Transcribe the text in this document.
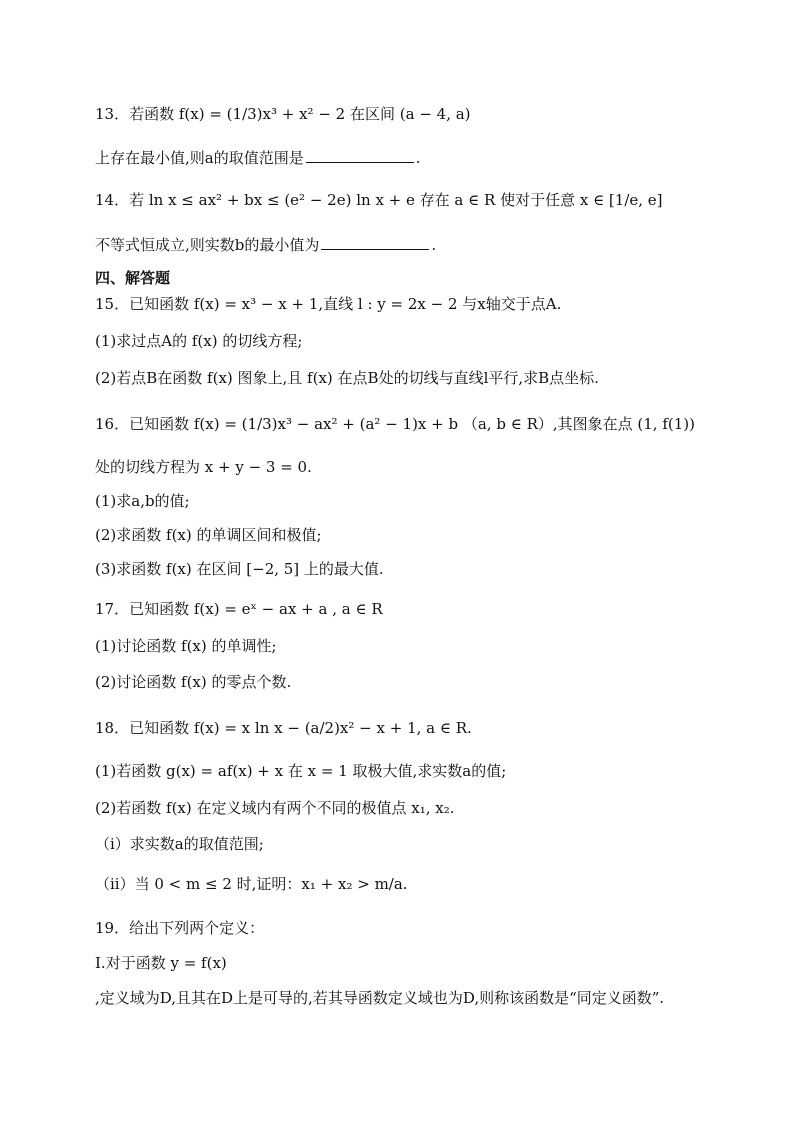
13．若函数 f(x) = (1/3)x³ + x² − 2 在区间 (a − 4, a)
上存在最小值,则a的取值范围是	.
14．若 ln x ≤ ax² + bx ≤ (e² − 2e) ln x + e 存在 a ∈ R 使对于任意 x ∈ [1/e, e]
不等式恒成立,则实数b的最小值为	.
四、解答题
15．已知函数 f(x) = x³ − x + 1,直线 l : y = 2x − 2 与x轴交于点A.
(1)求过点A的 f(x) 的切线方程;
(2)若点B在函数 f(x) 图象上,且 f(x) 在点B处的切线与直线l平行,求B点坐标.
16．已知函数 f(x) = (1/3)x³ − ax² + (a² − 1)x + b （a, b ∈ R）,其图象在点 (1, f(1))
处的切线方程为 x + y − 3 = 0.
(1)求a,b的值;
(2)求函数 f(x) 的单调区间和极值;
(3)求函数 f(x) 在区间 [−2, 5] 上的最大值.
17．已知函数 f(x) = eˣ − ax + a , a ∈ R
(1)讨论函数 f(x) 的单调性;
(2)讨论函数 f(x) 的零点个数.
18．已知函数 f(x) = x ln x − (a/2)x² − x + 1, a ∈ R.
(1)若函数 g(x) = af(x) + x 在 x = 1 取极大值,求实数a的值;
(2)若函数 f(x) 在定义域内有两个不同的极值点 x₁, x₂.
（i）求实数a的取值范围;
（ii）当 0 < m ≤ 2 时,证明：x₁ + x₂ > m/a.
19．给出下列两个定义：
I.对于函数 y = f(x)
,定义域为D,且其在D上是可导的,若其导函数定义域也为D,则称该函数是“同定义函数”.
